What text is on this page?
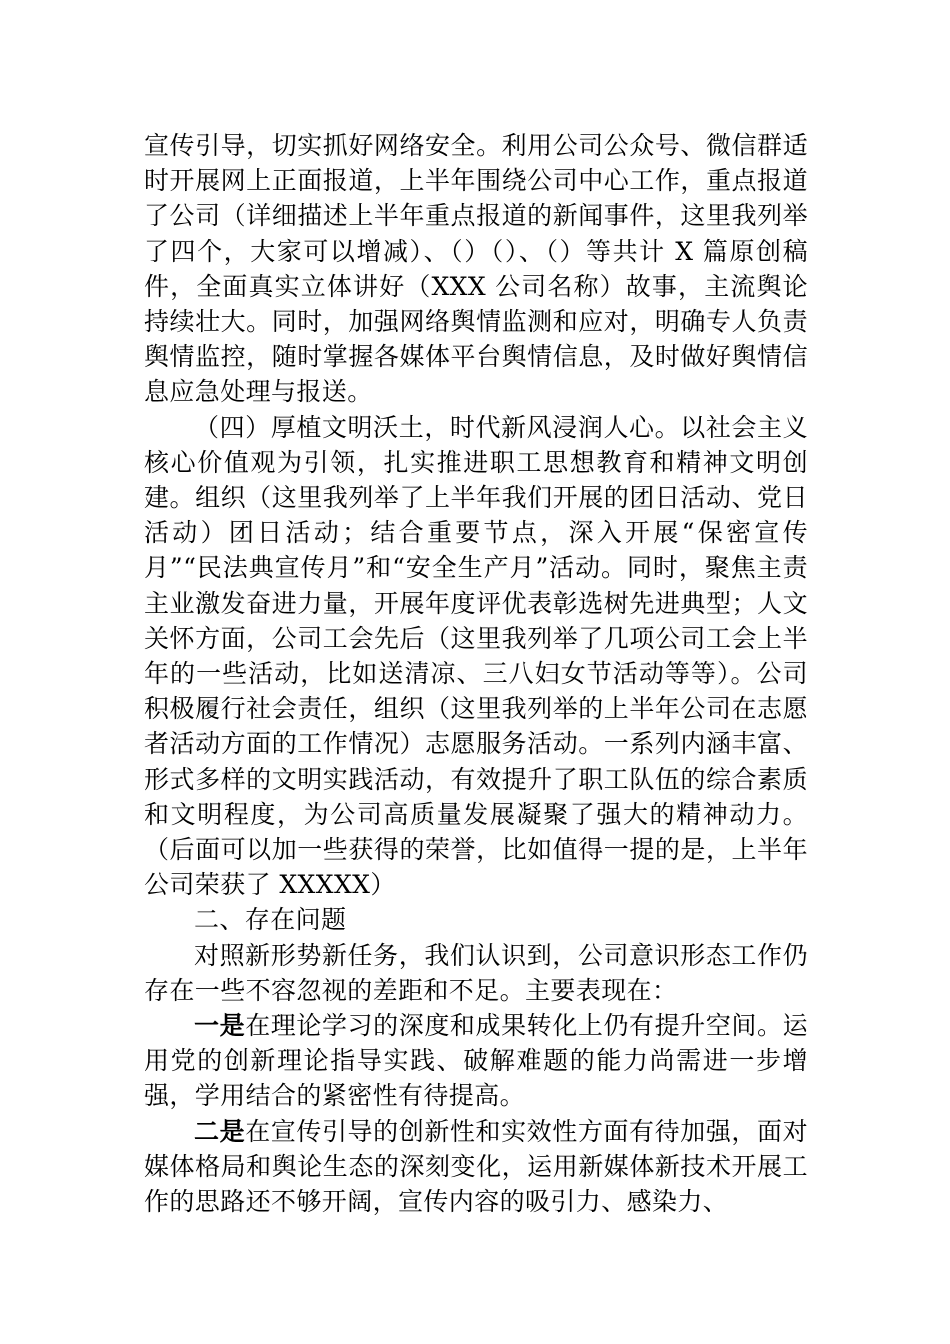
宣传引导，切实抓好网络安全。利用公司公众号、微信群适时开展网上正面报道，上半年围绕公司中心工作，重点报道了公司（详细描述上半年重点报道的新闻事件，这里我列举了四个，大家可以增减）、（）（）、（）等共计 X 篇原创稿件，全面真实立体讲好（XXX 公司名称）故事，主流舆论持续壮大。同时，加强网络舆情监测和应对，明确专人负责舆情监控，随时掌握各媒体平台舆情信息，及时做好舆情信息应急处理与报送。

（四）厚植文明沃土，时代新风浸润人心。以社会主义核心价值观为引领，扎实推进职工思想教育和精神文明创建。组织（这里我列举了上半年我们开展的团日活动、党日活动）团日活动；结合重要节点，深入开展“保密宣传月”“民法典宣传月”和“安全生产月”活动。同时，聚焦主责主业激发奋进力量，开展年度评优表彰选树先进典型；人文关怀方面，公司工会先后（这里我列举了几项公司工会上半年的一些活动，比如送清凉、三八妇女节活动等等）。公司积极履行社会责任，组织（这里我列举的上半年公司在志愿者活动方面的工作情况）志愿服务活动。一系列内涵丰富、形式多样的文明实践活动，有效提升了职工队伍的综合素质和文明程度，为公司高质量发展凝聚了强大的精神动力。（后面可以加一些获得的荣誉，比如值得一提的是，上半年公司荣获了 XXXXX）

二、存在问题

对照新形势新任务，我们认识到，公司意识形态工作仍存在一些不容忽视的差距和不足。主要表现在：

一是在理论学习的深度和成果转化上仍有提升空间。运用党的创新理论指导实践、破解难题的能力尚需进一步增强，学用结合的紧密性有待提高。

二是在宣传引导的创新性和实效性方面有待加强，面对媒体格局和舆论生态的深刻变化，运用新媒体新技术开展工作的思路还不够开阔，宣传内容的吸引力、感染力、
